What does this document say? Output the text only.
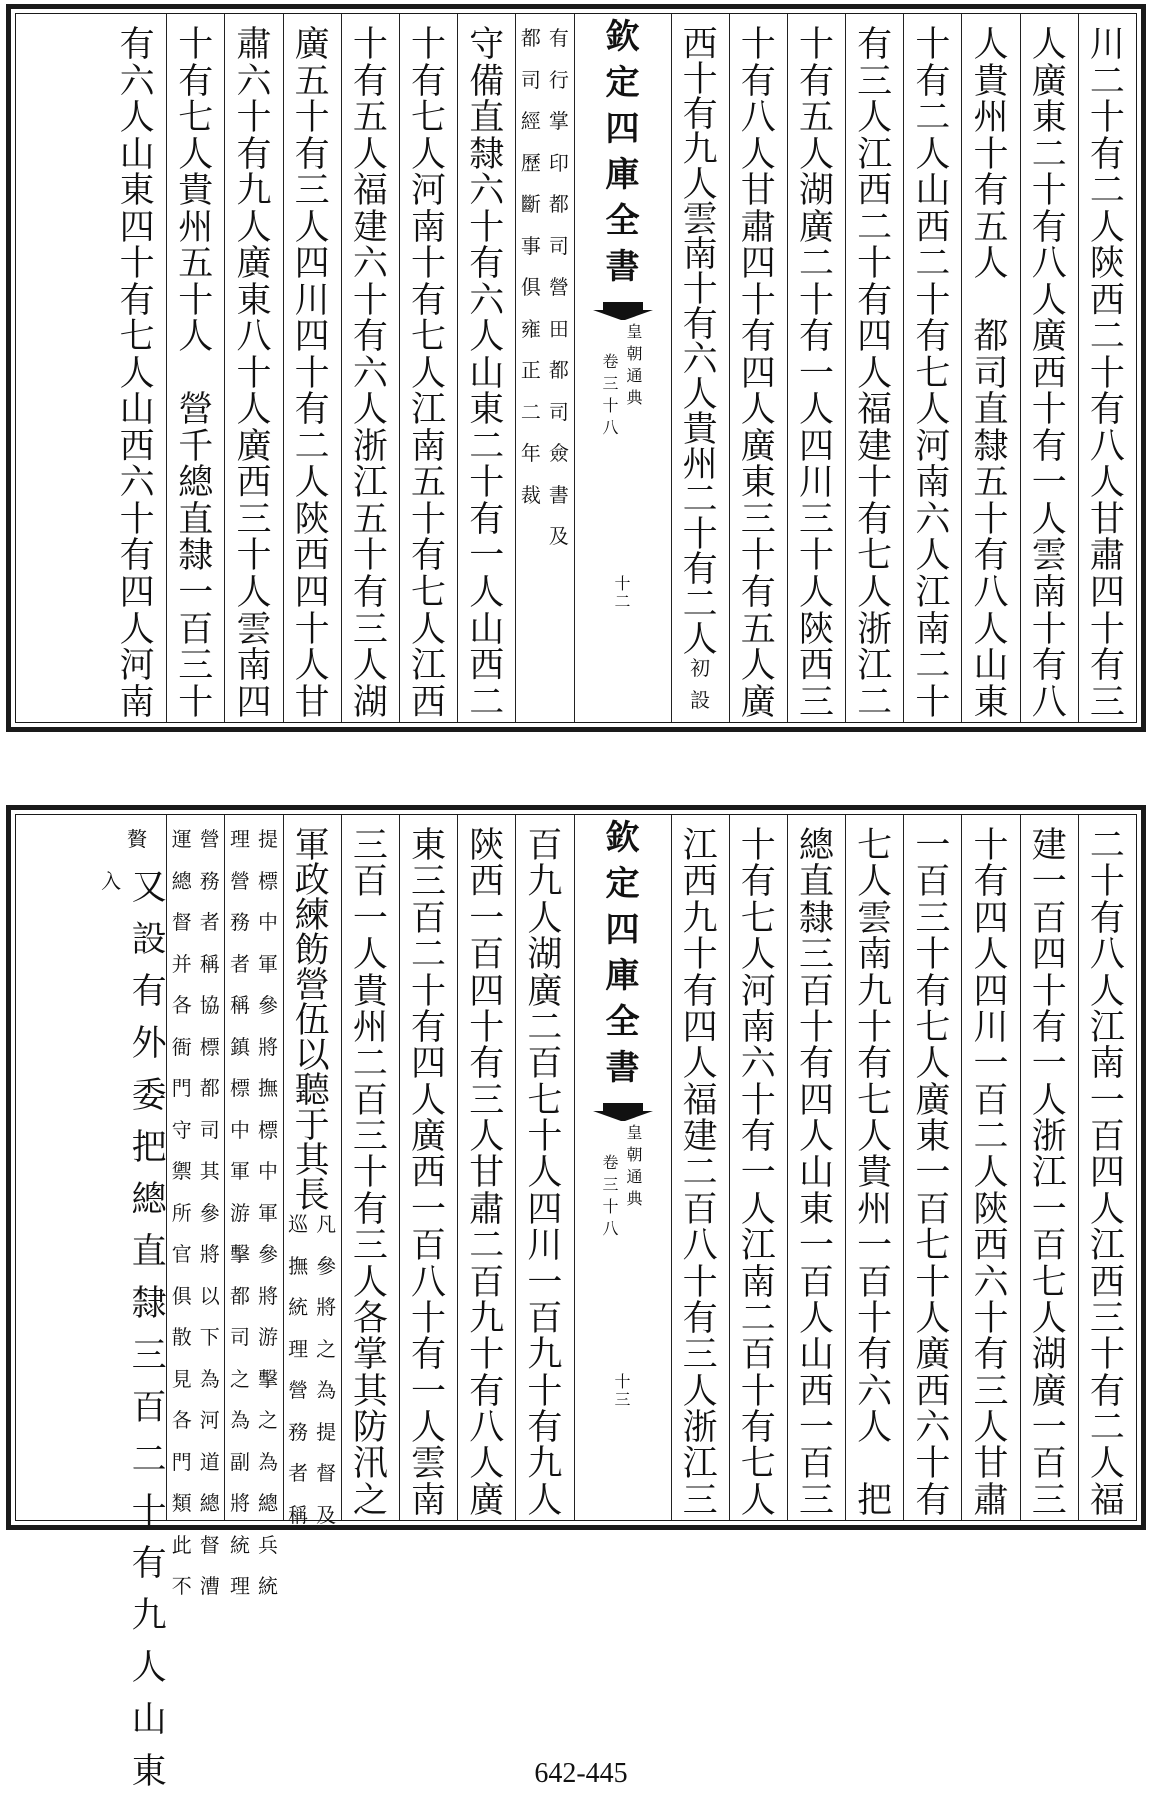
川
二
十
有
二
人
陝
西
二
十
有
八
人
甘
肅
四
十
有
三
人
廣
東
二
十
有
八
人
廣
西
十
有
一
人
雲
南
十
有
八
人
貴
州
十
有
五
人

都
司
直
隸
五
十
有
八
人
山
東
十
有
二
人
山
西
二
十
有
七
人
河
南
六
人
江
南
二
十
有
三
人
江
西
二
十
有
四
人
福
建
十
有
七
人
浙
江
二
十
有
五
人
湖
廣
二
十
有
一
人
四
川
三
十
人
陝
西
三
十
有
八
人
甘
肅
四
十
有
四
人
廣
東
三
十
有
五
人
廣
西
十
有
九
人
雲
南
十
有
六
人
貴
州
二
十
有
二
人
初
設
欽
定
四
庫
全
書
皇
朝
通
典
卷
三
十
八
十
二
有
行
掌
印
都
司
營
田
都
司
僉
書
及
都
司
經
歷
斷
事
俱
雍
正
二
年
裁
守
備
直
隸
六
十
有
六
人
山
東
二
十
有
一
人
山
西
二
十
有
七
人
河
南
十
有
七
人
江
南
五
十
有
七
人
江
西
十
有
五
人
福
建
六
十
有
六
人
浙
江
五
十
有
三
人
湖
廣
五
十
有
三
人
四
川
四
十
有
二
人
陝
西
四
十
人
甘
肅
六
十
有
九
人
廣
東
八
十
人
廣
西
三
十
人
雲
南
四
十
有
七
人
貴
州
五
十
人

營
千
總
直
隸
一
百
三
十
有
六
人
山
東
四
十
有
七
人
山
西
六
十
有
四
人
河
南
二
十
有
八
人
江
南
一
百
四
人
江
西
三
十
有
二
人
福
建
一
百
四
十
有
一
人
浙
江
一
百
七
人
湖
廣
一
百
三
十
有
四
人
四
川
一
百
二
人
陝
西
六
十
有
三
人
甘
肅
一
百
三
十
有
七
人
廣
東
一
百
七
十
人
廣
西
六
十
有
七
人
雲
南
九
十
有
七
人
貴
州
一
百
十
有
六
人

把
總
直
隸
三
百
十
有
四
人
山
東
一
百
人
山
西
一
百
三
十
有
七
人
河
南
六
十
有
一
人
江
南
二
百
十
有
七
人
江
西
九
十
有
四
人
福
建
二
百
八
十
有
三
人
浙
江
三
欽
定
四
庫
全
書
皇
朝
通
典
卷
三
十
八
十
三
百
九
人
湖
廣
二
百
七
十
人
四
川
一
百
九
十
有
九
人
陝
西
一
百
四
十
有
三
人
甘
肅
二
百
九
十
有
八
人
廣
東
三
百
二
十
有
四
人
廣
西
一
百
八
十
有
一
人
雲
南
三
百
一
人
貴
州
二
百
三
十
有
三
人
各
掌
其
防
汛
之
軍
政
練
飭
營
伍
以
聽
于
其
長
凡
參
將
之
為
提
督
及
巡
撫
統
理
營
務
者
稱
提
標
中
軍
參
將
撫
標
中
軍
參
將
游
擊
之
為
總
兵
統
理
營
務
者
稱
鎮
標
中
軍
游
擊
都
司
之
為
副
將
統
理
營
務
者
稱
協
標
都
司
其
參
將
以
下
為
河
道
總
督
漕
運
總
督
并
各
衙
門
守
禦
所
官
俱
散
見
各
門
類
此
不
贅
又
設
有
外
委
把
總
直
隸
三
百
二
十
有
九
人
山
東
入
642-445
